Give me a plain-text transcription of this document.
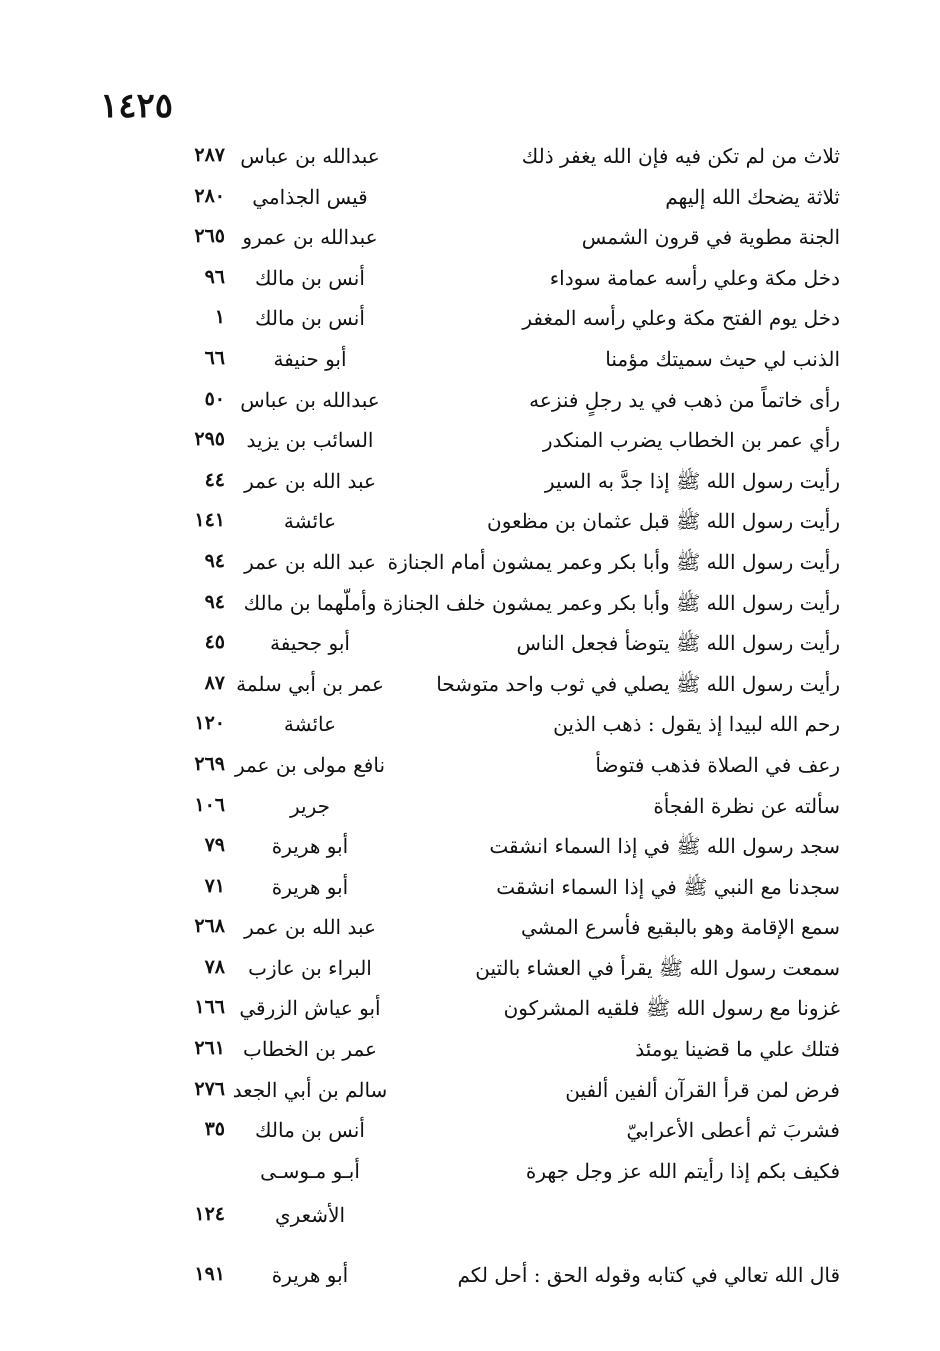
١٤٢٥
ثلاث من لم تكن فيه فإن الله يغفر ذلك
عبدالله بن عباس
٢٨٧
ثلاثة يضحك الله إليهم
قيس الجذامي
٢٨٠
الجنة مطوية في قرون الشمس
عبدالله بن عمرو
٢٦٥
دخل مكة وعلي رأسه عمامة سوداء
أنس بن مالك
٩٦
دخل يوم الفتح مكة وعلي رأسه المغفر
أنس بن مالك
١
الذنب لي حيث سميتك مؤمنا
أبو حنيفة
٦٦
رأى خاتماً من ذهب في يد رجلٍ فنزعه
عبدالله بن عباس
٥٠
رأي عمر بن الخطاب يضرب المنكدر
السائب بن يزيد
٢٩٥
رأيت رسول الله ﷺ إذا جدَّ به السير
عبد الله بن عمر
٤٤
رأيت رسول الله ﷺ قبل عثمان بن مظعون
عائشة
١٤١
رأيت رسول الله ﷺ وأبا بكر وعمر يمشون أمام الجنازة
عبد الله بن عمر
٩٤
رأيت رسول الله ﷺ وأبا بكر وعمر يمشون خلف الجنازة وأملّهما بن مالك
٩٤
رأيت رسول الله ﷺ يتوضأ فجعل الناس
أبو جحيفة
٤٥
رأيت رسول الله ﷺ يصلي في ثوب واحد متوشحا
عمر بن أبي سلمة
٨٧
رحم الله لبيدا إذ يقول : ذهب الذين
عائشة
١٢٠
رعف في الصلاة فذهب فتوضأ
نافع مولى بن عمر
٢٦٩
سألته عن نظرة الفجأة
جرير
١٠٦
سجد رسول الله ﷺ في إذا السماء انشقت
أبو هريرة
٧٩
سجدنا مع النبي ﷺ في إذا السماء انشقت
أبو هريرة
٧١
سمع الإقامة وهو بالبقيع فأسرع المشي
عبد الله بن عمر
٢٦٨
سمعت رسول الله ﷺ يقرأ في العشاء بالتين
البراء بن عازب
٧٨
غزونا مع رسول الله ﷺ فلقيه المشركون
أبو عياش الزرقي
١٦٦
فتلك علي ما قضينا يومئذ
عمر بن الخطاب
٢٦١
فرض لمن قرأ القرآن ألفين ألفين
سالم بن أبي الجعد
٢٧٦
فشربَ ثم أعطى الأعرابيّ
أنس بن مالك
٣٥
فكيف بكم إذا رأيتم الله عز وجل جهرة
أبـو مـوسـى
الأشعري
١٢٤
قال الله تعالي في كتابه وقوله الحق : أحل لكم
أبو هريرة
١٩١
